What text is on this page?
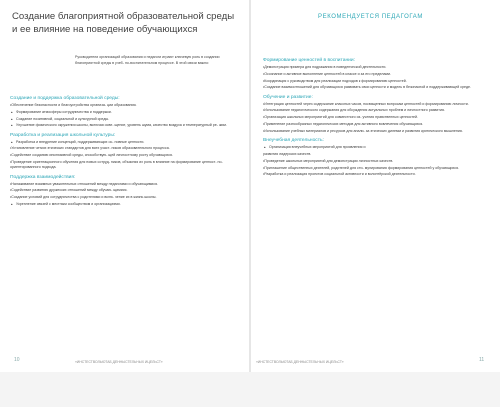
Создание благоприятной образовательной среды и ее влияние на поведение обучающихся
Руководители организаций образования и педагоги играют ключевую роль в создании благоприятной среды в учеб- но-воспитательном процессе. В этой связи важно:
Создание и поддержка образовательной среды:
•Обеспечение безопасности и благоустройства организа- ции образования.
• Формирование атмосферы сотрудничества и поддержки.
• Создание позитивной, социальной и культурной среды.
• Улучшение физического окружения школы, включая осве- щение, уровень шума, качество воздуха и температурный ре- жим.
Разработка и реализация школьной культуры:
• Разработка и внедрение концепций, поддерживающих ос- новные ценности.
•Установление четких этических стандартов для всех участ- ников образовательного процесса.
•Содействие созданию инклюзивной среды, способствую- щей личностному росту обучающихся.
•Проведение ориентационного обучения для новых сотруд- ников, объясняя их роль в влияние на формирование ценност- но-ориентированного подхода.
Поддержка взаимодействия:
•Налаживание взаимных уважительных отношений между педагогами и обучающимися.
•Содействие развитию дружеских отношений между обучаю- щимися.
•Создание условий для сотрудничества с родителями и вклю- чение их в жизнь школы.
• Укрепление связей с местным сообществом и организациями.
10	«ИНСТЕСТВОЛЬЮТАБ ДЕННЫСТЕЛЬНЫХ ИЦЕЛЬСТ»	11
«ИНСТЕСТВОЛЬЮТАБ ДЕННЫСТЕЛЬНЫХ ИЦЕЛЬСТ»
РЕКОМЕНДУЕТСЯ ПЕДАГОГАМ
Формирование ценностей в воспитании:
•Демонстрация примера для подражания в поведенческой деятельности.
•Осознание и активное выполнение ценностей в классе и за его пределами.
•Координация с руководством для реализации подходов к формированию ценностей.
•Создание взаимоотношений для обучающихся развивать свои ценности и модель в безопасной и поддерживающей среде.
Обучение и развитие:
•Интеграция ценностей через содержание классных часов, посвященных вопросам ценностей и формированию личности.
•Использование педагогического содержания для обсуждения актуальных проблем и личностного развития.
•Организация школьных мероприятий для совместного из- учения нравственных ценностей.
•Применение разнообразных педагогических методов для активного вовлечения обучающихся.
•Использование учебных материалов и ресурсов для анали- за этических дилемм и развития критического мышления.
Внеучебная деятельность:
• Организация внеучебных мероприятий для проявления и
развития лидерских качеств.
•Проведение школьных мероприятий для демонстрации личностных качеств.
•Приглашение общественных деятелей, родителей для сти- мулирования формирования ценностей у обучающихся.
•Разработка и реализация проектов социальной активности и волонтёрской деятельности.
